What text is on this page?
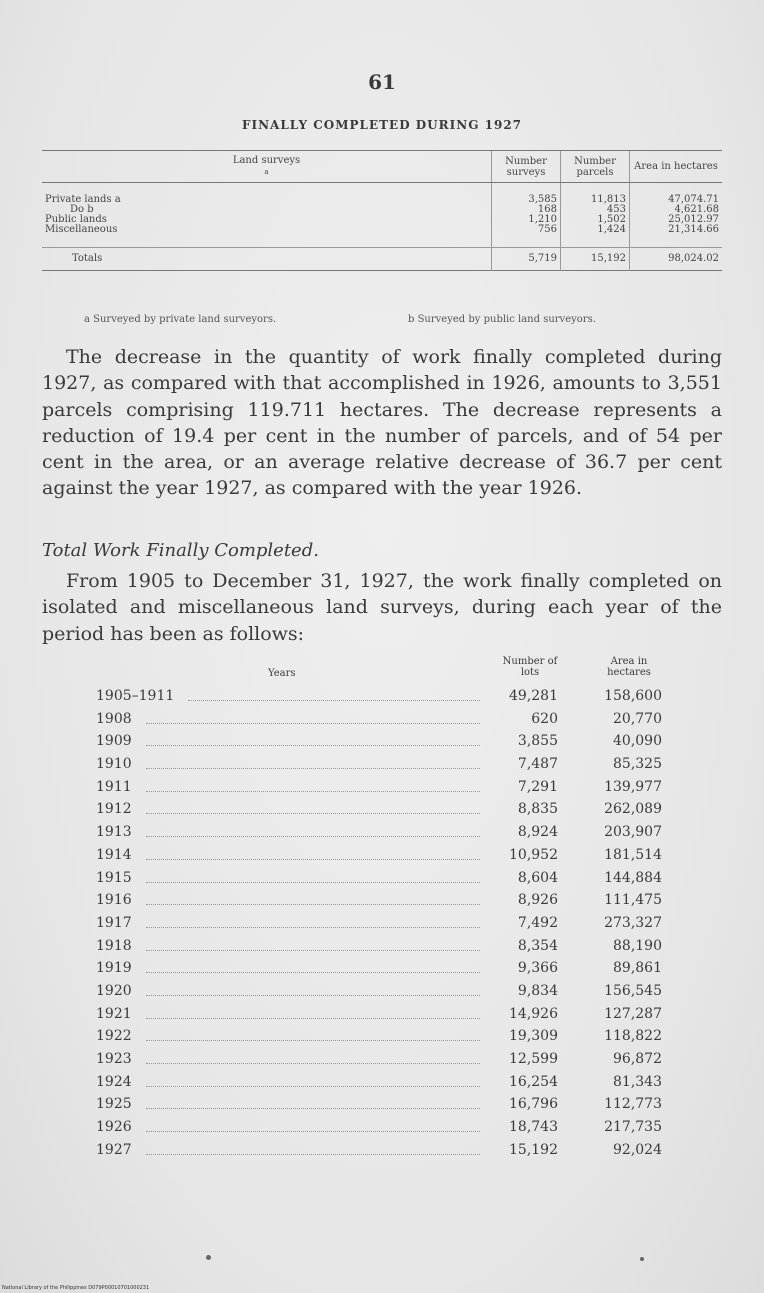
61
FINALLY COMPLETED DURING 1927
Land surveys
a	Number surveys	Number parcels	Area in hectares

Private lands a	3,585	11,813	47,074.71
Do b	168	453	4,621.68
Public lands	1,210	1,502	25,012.97
Miscellaneous	756	1,424	21,314.66

Totals	5,719	15,192	98,024.02

a Surveyed by private land surveyors.	b Surveyed by public land surveyors.
The decrease in the quantity of work finally completed during 1927, as compared with that accomplished in 1926, amounts to 3,551 parcels comprising 119.711 hectares. The decrease represents a reduction of 19.4 per cent in the number of parcels, and of 54 per cent in the area, or an average relative decrease of 36.7 per cent against the year 1927, as compared with the year 1926.
Total Work Finally Completed.
From 1905 to December 31, 1927, the work finally completed on isolated and miscellaneous land surveys, during each year of the period has been as follows:
Years
Number of lots
Area in hectares
1905–1911	49,281	158,600
1908	620	20,770
1909	3,855	40,090
1910	7,487	85,325
1911	7,291	139,977
1912	8,835	262,089
1913	8,924	203,907
1914	10,952	181,514
1915	8,604	144,884
1916	8,926	111,475
1917	7,492	273,327
1918	8,354	88,190
1919	9,366	89,861
1920	9,834	156,545
1921	14,926	127,287
1922	19,309	118,822
1923	12,599	96,872
1924	16,254	81,343
1925	16,796	112,773
1926	18,743	217,735
1927	15,192	92,024
National Library of the Philippines D079P00010701000231
